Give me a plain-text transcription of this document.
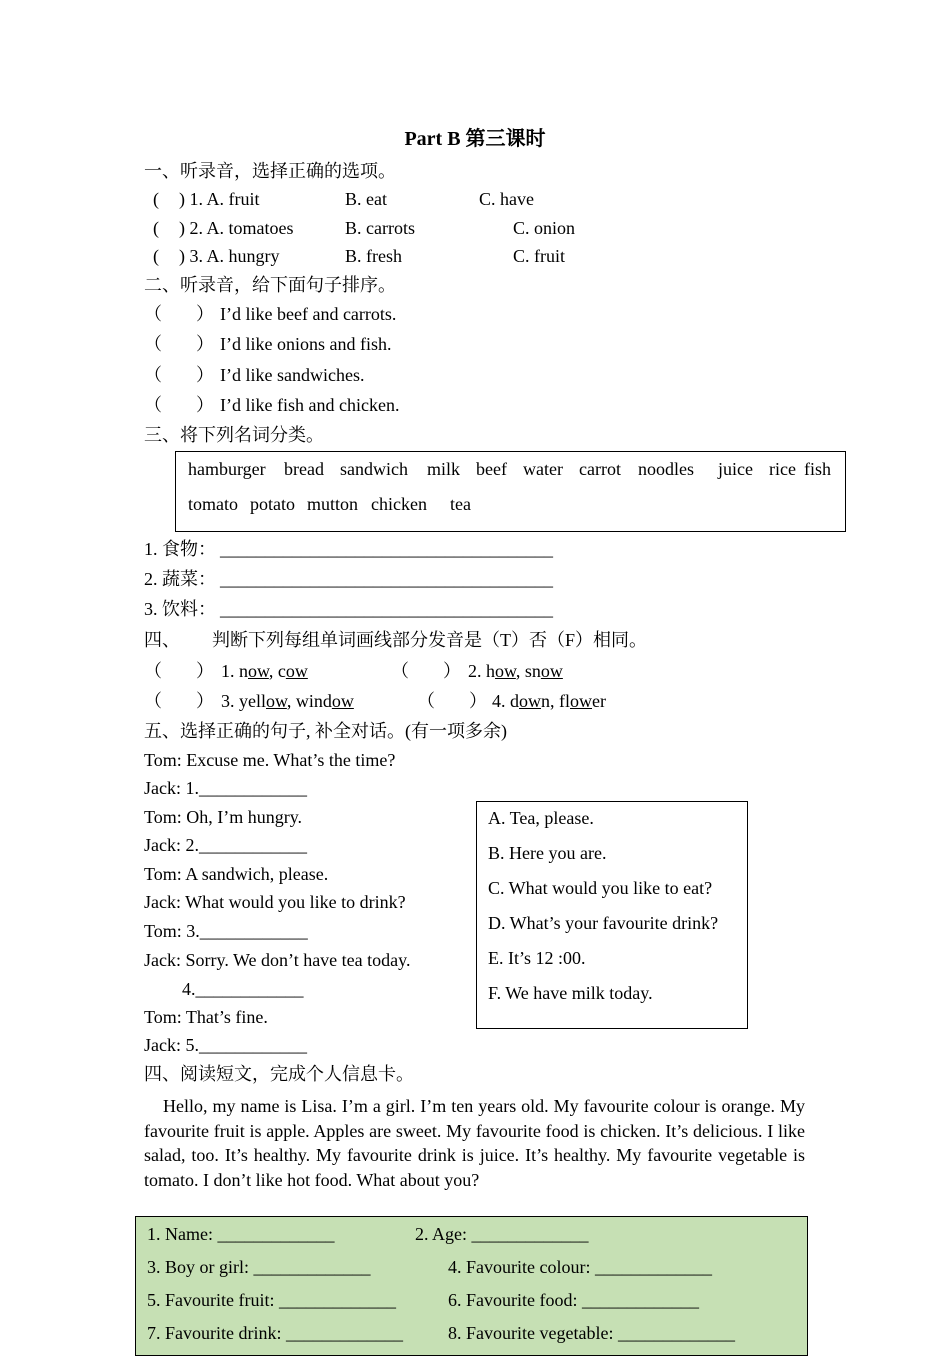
Part B 第三课时
一、听录音，选择正确的选项。
( ) 1. A. fruit	B. eat	C. have
( ) 2. A. tomatoes	B. carrots	C. onion
( ) 3. A. hungry	B. fresh	C. fruit
二、听录音，给下面句子排序。
（ ） I’d like beef and carrots.
（ ） I’d like onions and fish.
（ ） I’d like sandwiches.
（ ） I’d like fish and chicken.
三、将下列名词分类。
hamburger bread sandwich milk beef water carrot noodles juice rice fish
tomato potato mutton chicken tea
1. 食物： _____________________________________
2. 蔬菜： _____________________________________
3. 饮料： _____________________________________
四、 判断下列每组单词画线部分发音是（T）否（F）相同。
（ ） 1. now, cow	（ ） 2. how, snow
（ ） 3. yellow, window	（ ） 4. down, flower
五、选择正确的句子, 补全对话。(有一项多余)
Tom: Excuse me. What’s the time?
Jack: 1.____________
Tom: Oh, I’m hungry.
Jack: 2.____________
Tom: A sandwich, please.
Jack: What would you like to drink?
Tom: 3.____________
Jack: Sorry. We don’t have tea today.
4.____________
Tom: That’s fine.
Jack: 5.____________
A. Tea, please.
B. Here you are.
C. What would you like to eat?
D. What’s your favourite drink?
E. It’s 12 :00.
F. We have milk today.
四、阅读短文，完成个人信息卡。
Hello, my name is Lisa. I’m a girl. I’m ten years old. My favourite colour is orange. My favourite fruit is apple. Apples are sweet. My favourite food is chicken. It’s delicious. I like salad, too. It’s healthy. My favourite drink is juice. It’s healthy. My favourite vegetable is tomato. I don’t like hot food. What about you?
1. Name: _____________	2. Age: _____________
3. Boy or girl: _____________	4. Favourite colour: _____________
5. Favourite fruit: _____________	6. Favourite food: _____________
7. Favourite drink: _____________	8. Favourite vegetable: _____________
